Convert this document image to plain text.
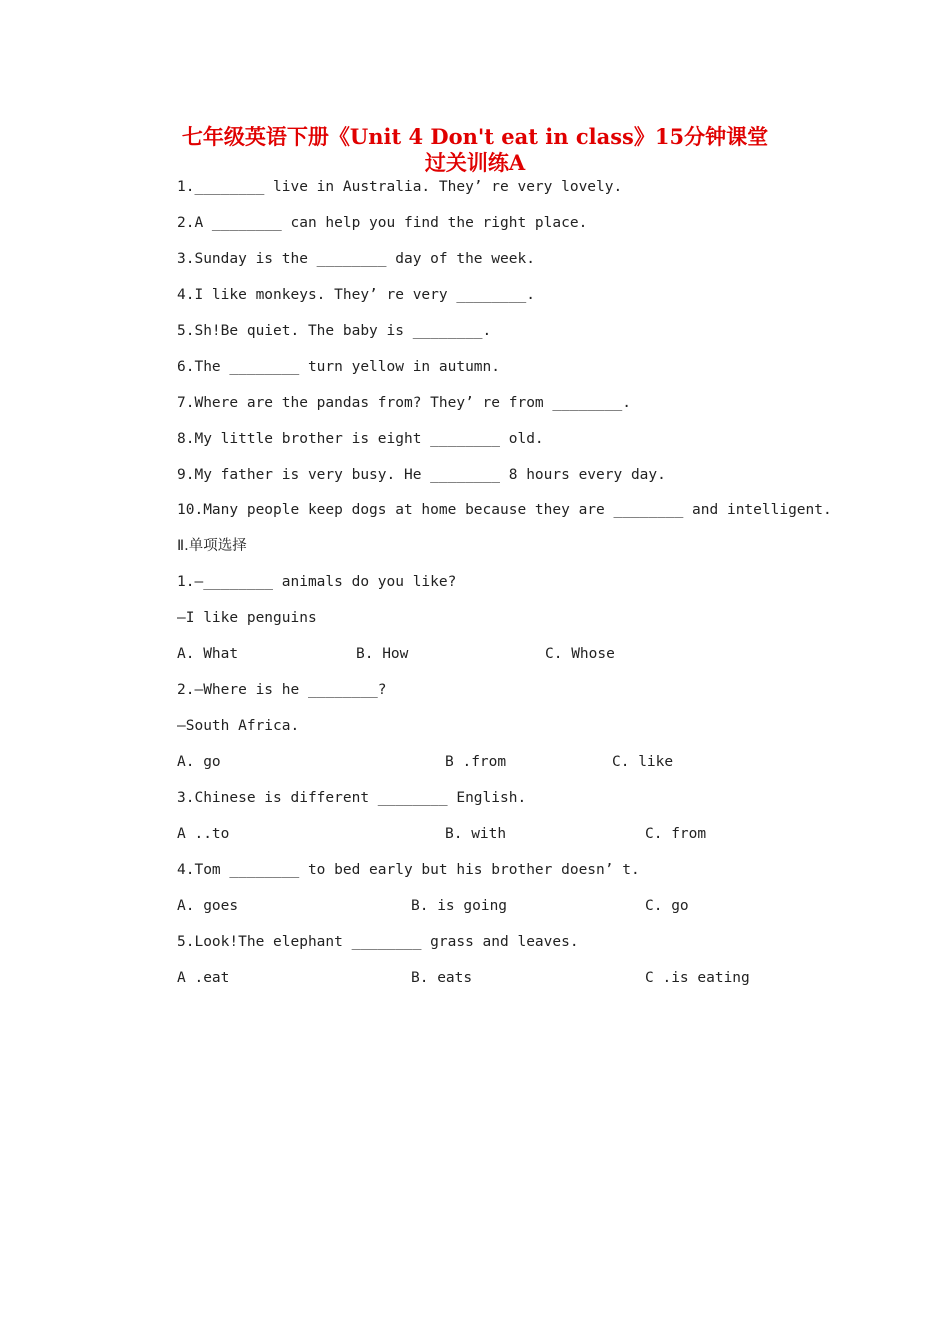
七年级英语下册《Unit 4 Don't eat in class》15分钟课堂
过关训练A
1.________ live in Australia. They’ re very lovely.
2.A ________ can help you find the right place.
3.Sunday is the ________ day of the week.
4.I like monkeys. They’ re very ________.
5.Sh!Be quiet. The baby is ________.
6.The ________ turn yellow in autumn.
7.Where are the pandas from? They’ re from ________.
8.My little brother is eight ________ old.
9.My father is very busy. He ________ 8 hours every day.
10.Many people keep dogs at home because they are ________ and intelligent.
Ⅱ.单项选择
1.—________ animals do you like?
—I like penguins
A. What	B. How	C. Whose
2.—Where is he ________?
—South Africa.
A. go	B .from	C. like
3.Chinese is different ________ English.
A ..to	B. with	C. from
4.Tom ________ to bed early but his brother doesn’ t.
A. goes	B. is going	C. go
5.Look!The elephant ________ grass and leaves.
A .eat	B. eats	C .is eating
